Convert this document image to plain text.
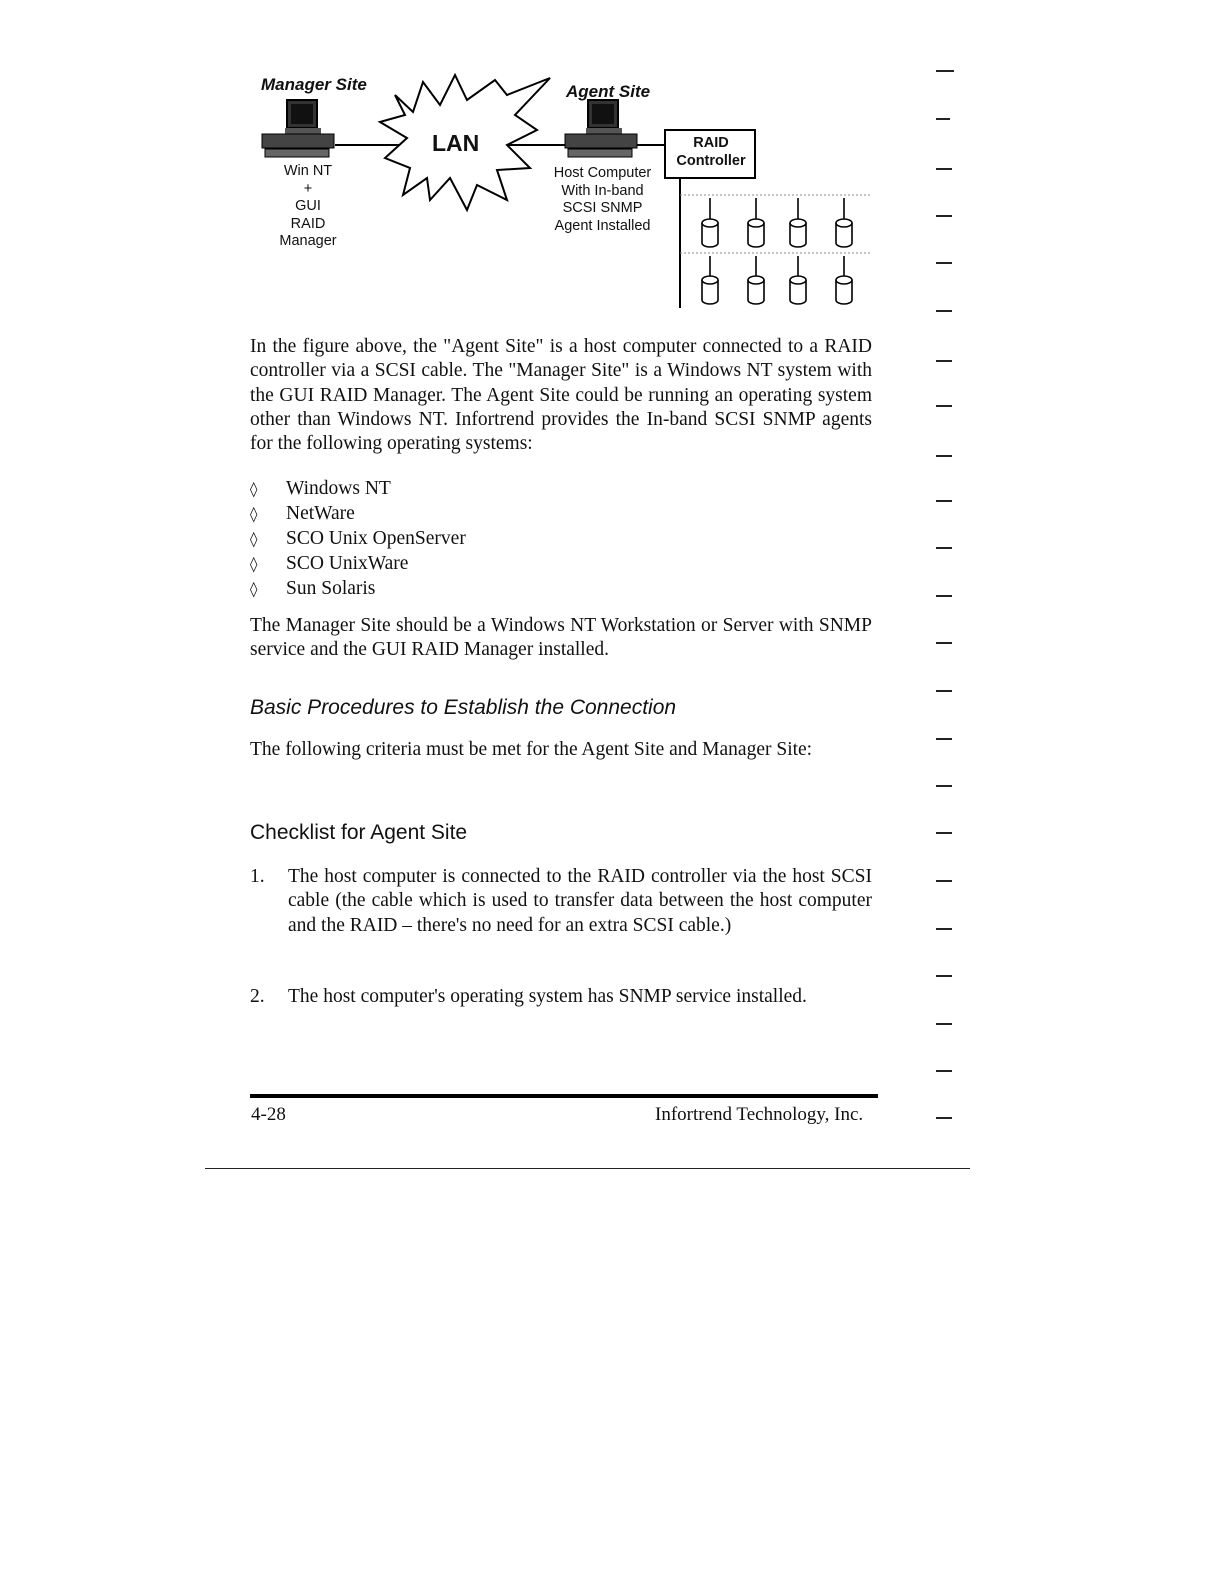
Manager Site	Agent Site
LAN
Win NT
+
GUI
RAID
Manager
Host Computer
With In-band
SCSI SNMP
Agent Installed
RAID
Controller
In the figure above, the "Agent Site" is a host computer connected to a RAID controller via a SCSI cable. The "Manager Site" is a Windows NT system with the GUI RAID Manager. The Agent Site could be running an operating system other than Windows NT. Infortrend provides the In-band SCSI SNMP agents for the following operating systems:
◊ Windows NT
◊ NetWare
◊ SCO Unix OpenServer
◊ SCO UnixWare
◊ Sun Solaris
The Manager Site should be a Windows NT Workstation or Server with SNMP service and the GUI RAID Manager installed.
Basic Procedures to Establish the Connection
The following criteria must be met for the Agent Site and Manager Site:
Checklist for Agent Site
1. The host computer is connected to the RAID controller via the host SCSI cable (the cable which is used to transfer data between the host computer and the RAID – there's no need for an extra SCSI cable.)
2. The host computer's operating system has SNMP service installed.
4-28	Infortrend Technology, Inc.
